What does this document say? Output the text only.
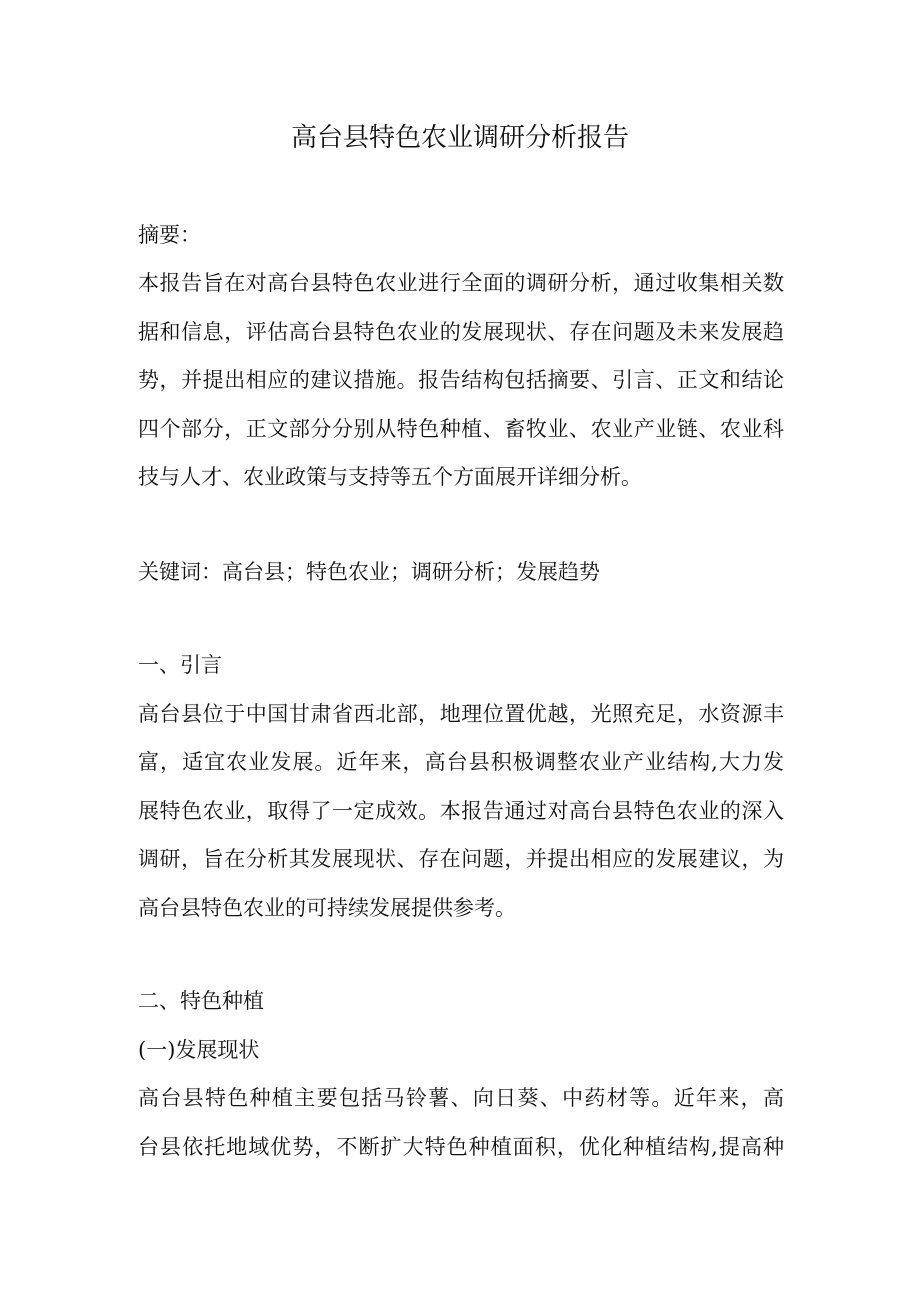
高台县特色农业调研分析报告
摘要：
本报告旨在对高台县特色农业进行全面的调研分析，通过收集相关数
据和信息，评估高台县特色农业的发展现状、存在问题及未来发展趋
势，并提出相应的建议措施。报告结构包括摘要、引言、正文和结论
四个部分，正文部分分别从特色种植、畜牧业、农业产业链、农业科
技与人才、农业政策与支持等五个方面展开详细分析。
关键词：高台县；特色农业；调研分析；发展趋势
一、引言
高台县位于中国甘肃省西北部，地理位置优越，光照充足，水资源丰
富，适宜农业发展。近年来，高台县积极调整农业产业结构,大力发
展特色农业，取得了一定成效。本报告通过对高台县特色农业的深入
调研，旨在分析其发展现状、存在问题，并提出相应的发展建议，为
高台县特色农业的可持续发展提供参考。
二、特色种植
(一)发展现状
高台县特色种植主要包括马铃薯、向日葵、中药材等。近年来，高
台县依托地域优势，不断扩大特色种植面积，优化种植结构,提高种
